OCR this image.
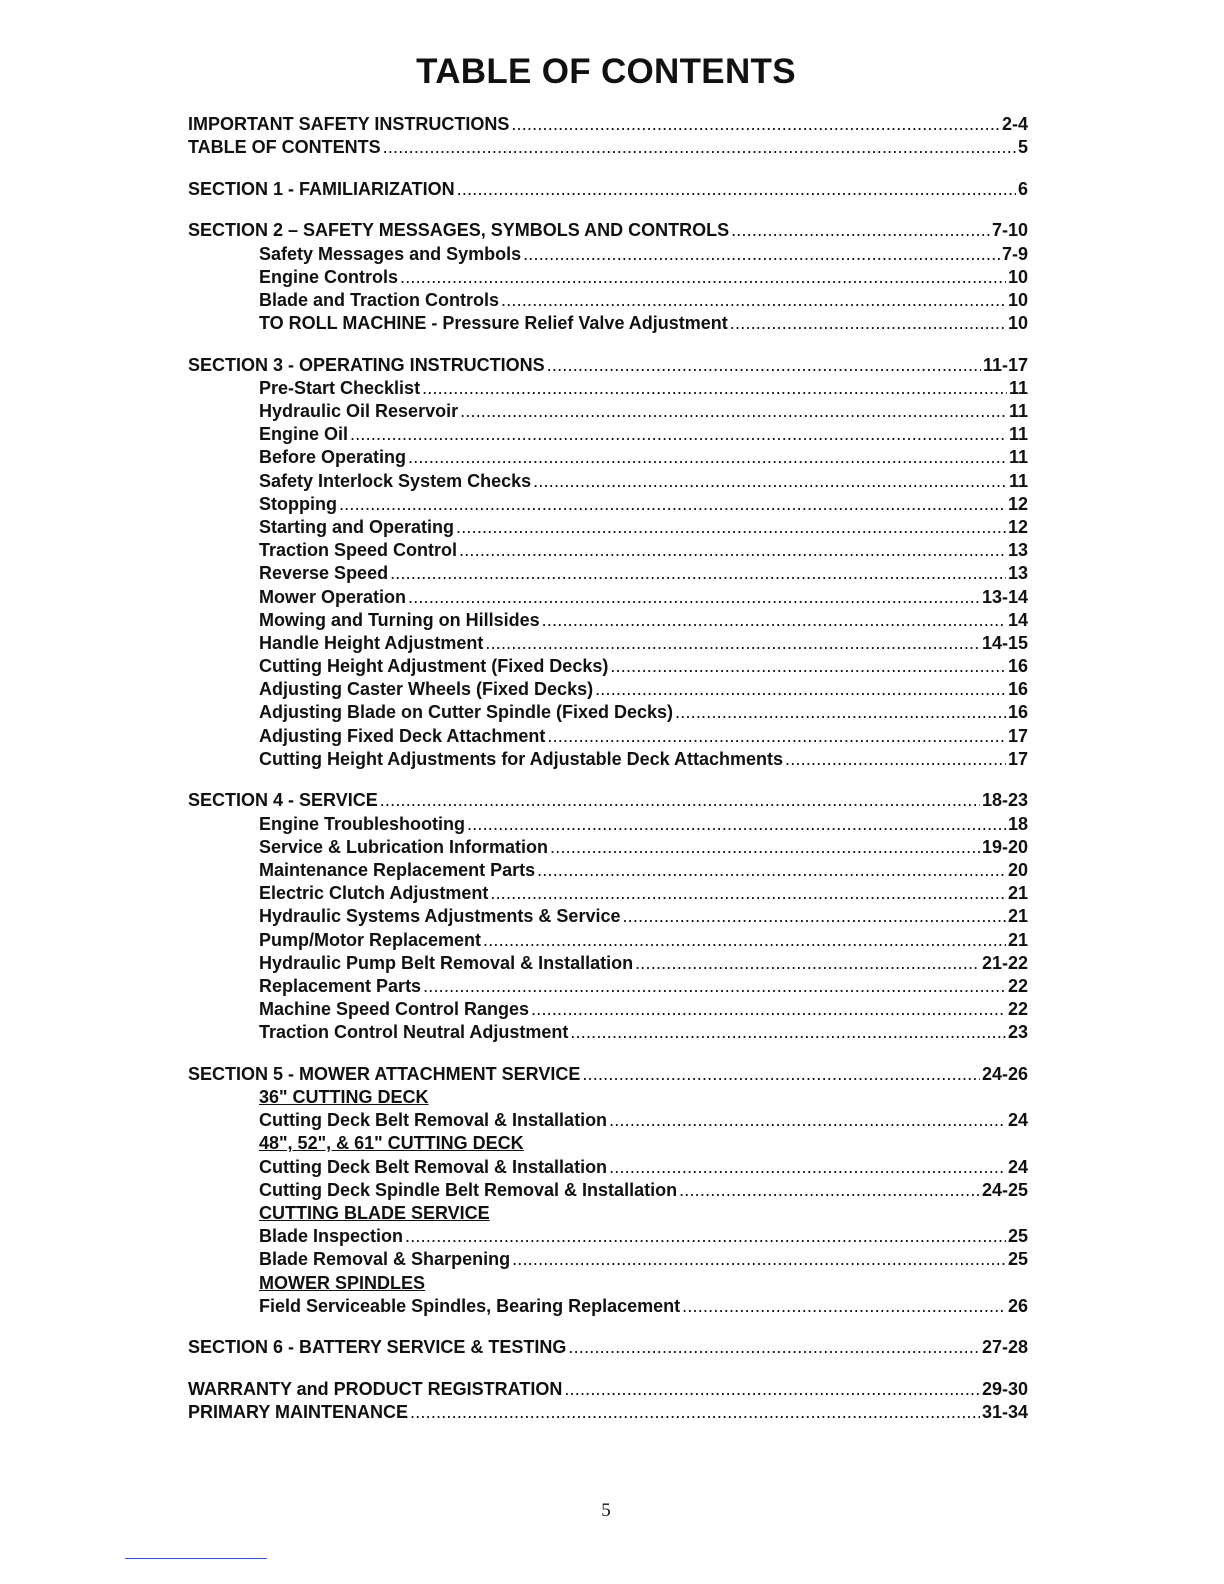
TABLE OF CONTENTS
IMPORTANT SAFETY INSTRUCTIONS .....	2-4
TABLE OF CONTENTS .....	5
SECTION 1 - FAMILIARIZATION .....	6
SECTION 2 – SAFETY MESSAGES, SYMBOLS AND CONTROLS .....	7-10
Safety Messages and Symbols .....	7-9
Engine Controls .....	10
Blade and Traction Controls .....	10
TO ROLL MACHINE - Pressure Relief Valve Adjustment .....	10
SECTION 3 - OPERATING INSTRUCTIONS .....	11-17
Pre-Start Checklist .....	11
Hydraulic Oil Reservoir .....	11
Engine Oil .....	11
Before Operating .....	11
Safety Interlock System Checks .....	11
Stopping .....	12
Starting and Operating .....	12
Traction Speed Control .....	13
Reverse Speed .....	13
Mower Operation .....	13-14
Mowing and Turning on Hillsides .....	14
Handle Height Adjustment .....	14-15
Cutting Height Adjustment (Fixed Decks) .....	16
Adjusting Caster Wheels (Fixed Decks) .....	16
Adjusting Blade on Cutter Spindle (Fixed Decks) .....	16
Adjusting Fixed Deck Attachment .....	17
Cutting Height Adjustments for Adjustable Deck Attachments .....	17
SECTION 4 - SERVICE .....	18-23
Engine Troubleshooting .....	18
Service & Lubrication Information .....	19-20
Maintenance Replacement Parts .....	20
Electric Clutch Adjustment .....	21
Hydraulic Systems Adjustments & Service .....	21
Pump/Motor Replacement .....	21
Hydraulic Pump Belt Removal & Installation .....	21-22
Replacement Parts .....	22
Machine Speed Control Ranges .....	22
Traction Control Neutral Adjustment .....	23
SECTION 5 - MOWER ATTACHMENT SERVICE .....	24-26
36" CUTTING DECK
Cutting Deck Belt Removal & Installation .....	24
48", 52", & 61" CUTTING DECK
Cutting Deck Belt Removal & Installation .....	24
Cutting Deck Spindle Belt Removal & Installation .....	24-25
CUTTING BLADE SERVICE
Blade Inspection .....	25
Blade Removal & Sharpening .....	25
MOWER SPINDLES
Field Serviceable Spindles, Bearing Replacement .....	26
SECTION 6 - BATTERY SERVICE & TESTING .....	27-28
WARRANTY and PRODUCT REGISTRATION .....	29-30
PRIMARY MAINTENANCE .....	31-34
5
